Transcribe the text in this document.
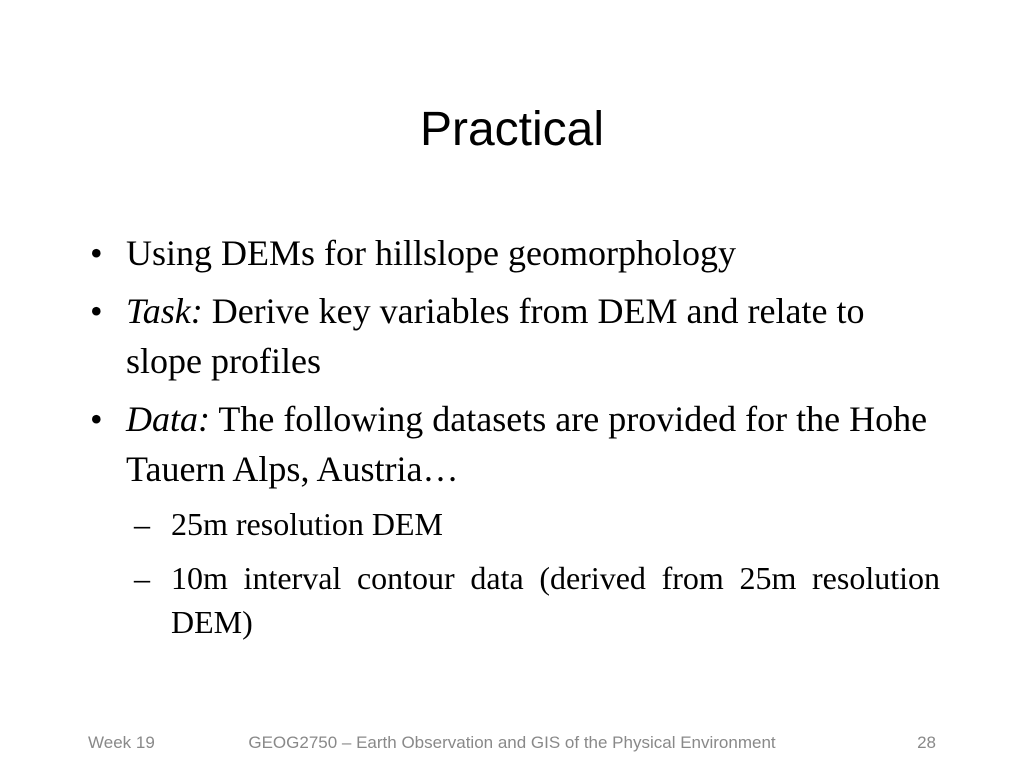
Practical
• Using DEMs for hillslope geomorphology
• Task: Derive key variables from DEM and relate to slope profiles
• Data: The following datasets are provided for the Hohe Tauern Alps, Austria…
– 25m resolution DEM
– 10m interval contour data (derived from 25m resolution DEM)
Week 19	GEOG2750 – Earth Observation and GIS of the Physical Environment	28
